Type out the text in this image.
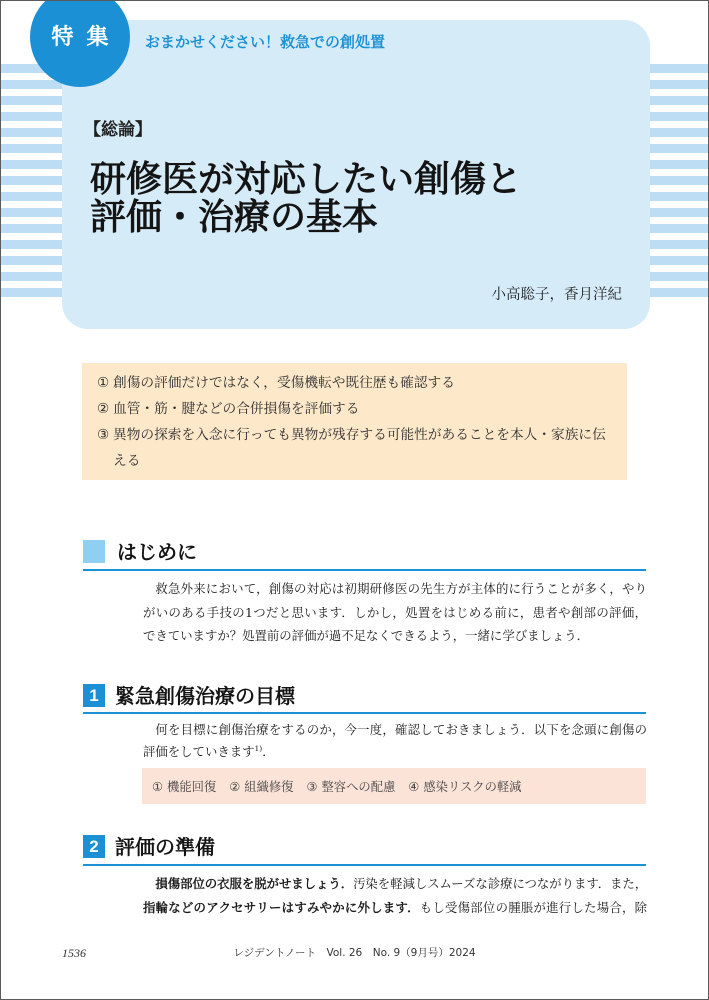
特集 おまかせください！救急での創処置
【総論】
研修医が対応したい創傷と
評価・治療の基本
小高聡子，香月洋紀
① 創傷の評価だけではなく，受傷機転や既往歴も確認する
② 血管・筋・腱などの合併損傷を評価する
③ 異物の探索を入念に行っても異物が残存する可能性があることを本人・家族に伝
える
はじめに
救急外来において，創傷の対応は初期研修医の先生方が主体的に行うことが多く，やり
がいのある手技の1つだと思います．しかし，処置をはじめる前に，患者や創部の評価，
できていますか？処置前の評価が過不足なくできるよう，一緒に学びましょう．
1 緊急創傷治療の目標
何を目標に創傷治療をするのか，今一度，確認しておきましょう．以下を念頭に創傷の
評価をしていきます$^{1)}$．
① 機能回復 ② 組織修復 ③ 整容への配慮 ④ 感染リスクの軽減
2 評価の準備
損傷部位の衣服を脱がせましょう．汚染を軽減しスムーズな診療につながります．また，
指輪などのアクセサリーはすみやかに外します．もし受傷部位の腫脹が進行した場合，除
1536	レジデントノート　Vol. 26　No. 9（9月号）2024
